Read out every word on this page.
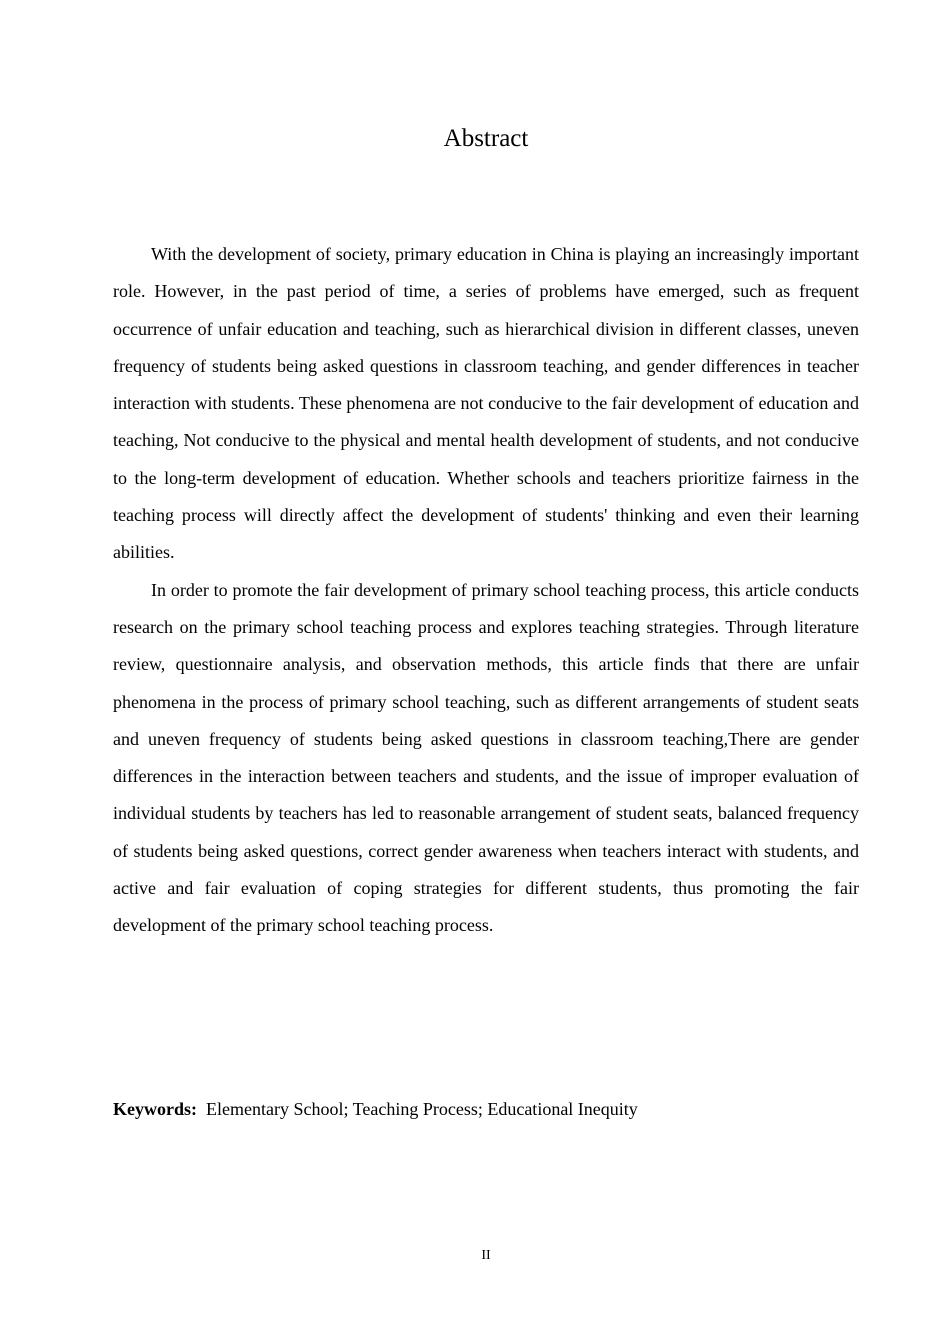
Abstract

With the development of society, primary education in China is playing an increasingly important role. However, in the past period of time, a series of problems have emerged, such as frequent occurrence of unfair education and teaching, such as hierarchical division in different classes, uneven frequency of students being asked questions in classroom teaching, and gender differences in teacher interaction with students. These phenomena are not conducive to the fair development of education and teaching, Not conducive to the physical and mental health development of students, and not conducive to the long-term development of education. Whether schools and teachers prioritize fairness in the teaching process will directly affect the development of students' thinking and even their learning abilities.

In order to promote the fair development of primary school teaching process, this article conducts research on the primary school teaching process and explores teaching strategies. Through literature review, questionnaire analysis, and observation methods, this article finds that there are unfair phenomena in the process of primary school teaching, such as different arrangements of student seats and uneven frequency of students being asked questions in classroom teaching,There are gender differences in the interaction between teachers and students, and the issue of improper evaluation of individual students by teachers has led to reasonable arrangement of student seats, balanced frequency of students being asked questions, correct gender awareness when teachers interact with students, and active and fair evaluation of coping strategies for different students, thus promoting the fair development of the primary school teaching process.

Keywords: Elementary School; Teaching Process; Educational Inequity
II
